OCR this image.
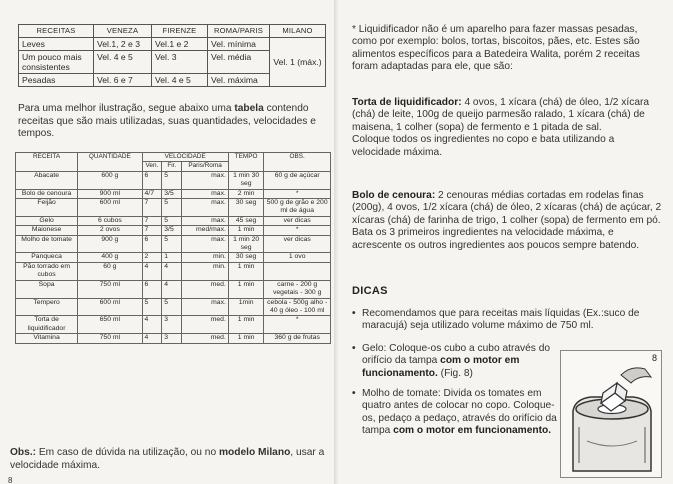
RECEITAS	VENEZA	FIRENZE	ROMA/PARIS	MILANO
Leves	Vel.1, 2 e 3	Vel.1 e 2	Vel. mínima	Vel. 1 (máx.)
Um pouco mais consistentes	Vel. 4 e 5	Vel. 3	Vel. média	
Pesadas	Vel. 6 e 7	Vel. 4 e 5	Vel. máxima	

Para uma melhor ilustração, segue abaixo uma tabela contendo receitas que são mais utilizadas, suas quantidades, velocidades e tempos.

RECEITA	QUANTIDADE	VELOCIDADE			TEMPO	OBS.
		Ven.	Fir.	Paris/Roma		
Abacate	600 g	6	5	max.	1 min 30 seg	60 g de açúcar
Bolo de cenoura	900 ml	4/7	3/5	max.	2 min	*
Feijão	600 ml	7	5	max.	30 seg	500 g de grão e 200 ml de água
Gelo	6 cubos	7	5	max.	45 seg	ver dicas
Maionese	2 ovos	7	3/5	med/max.	1 min	*
Molho de tomate	900 g	6	5	max.	1 min 20 seg	ver dicas
Panqueca	400 g	2	1	min.	30 seg	1 ovo
Pão torrado em cubos	60 g	4	4	min.	1 min	
Sopa	750 ml	6	4	med.	1 min	carne - 200 g vegetais - 300 g
Tempero	600 ml	5	5	max.	1min	cebola - 500g alho - 40 g óleo - 100 ml
Torta de liquidificador	650 ml	4	3	med.	1 min	*
Vitamina	750 ml	4	3	med.	1 min	360 g de frutas

Obs.: Em caso de dúvida na utilização, ou no modelo Milano, usar a velocidade máxima.

8

* Liquidificador não é um aparelho para fazer massas pesadas, como por exemplo: bolos, tortas, biscoitos, pães, etc. Estes são alimentos específicos para a Batedeira Walita, porém 2 receitas foram adaptadas para ele, que são:

Torta de liquidificador: 4 ovos, 1 xícara (chá) de óleo, 1/2 xícara (chá) de leite, 100g de queijo parmesão ralado, 1 xícara (chá) de maisena, 1 colher (sopa) de fermento e 1 pitada de sal.
Coloque todos os ingredientes no copo e bata utilizando a velocidade máxima.

Bolo de cenoura: 2 cenouras médias cortadas em rodelas finas (200g), 4 ovos, 1/2 xícara (chá) de óleo, 2 xícaras (chá) de açúcar, 2 xícaras (chá) de farinha de trigo, 1 colher (sopa) de fermento em pó. Bata os 3 primeiros ingredientes na velocidade máxima, e acrescente os outros ingredientes aos poucos sempre batendo.

DICAS
• Recomendamos que para receitas mais líquidas (Ex.:suco de maracujá) seja utilizado volume máximo de 750 ml.
• Gelo: Coloque-os cubo a cubo através do orifício da tampa com o motor em funcionamento. (Fig. 8)
• Molho de tomate: Divida os tomates em quatro antes de colocar no copo. Coloque-os, pedaço a pedaço, através do orifício da tampa com o motor em funcionamento.
8
